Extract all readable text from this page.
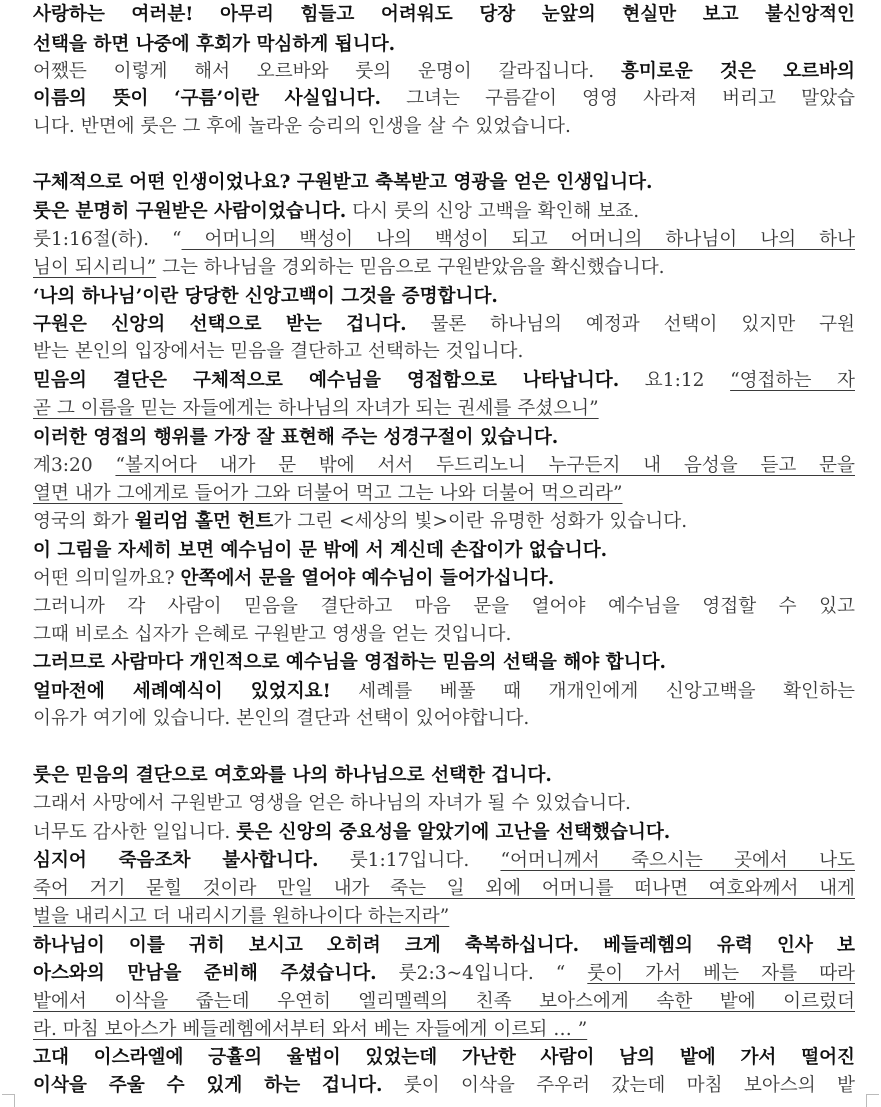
사랑하는 여러분! 아무리 힘들고 어려워도 당장 눈앞의 현실만 보고 불신앙적인
선택을 하면 나중에 후회가 막심하게 됩니다.
어쨌든 이렇게 해서 오르바와 룻의 운명이 갈라집니다. 흥미로운 것은 오르바의
이름의 뜻이 ‘구름’이란 사실입니다. 그녀는 구름같이 영영 사라져 버리고 말았습
니다. 반면에 룻은 그 후에 놀라운 승리의 인생을 살 수 있었습니다.
구체적으로 어떤 인생이었나요? 구원받고 축복받고 영광을 얻은 인생입니다.
룻은 분명히 구원받은 사람이었습니다. 다시 룻의 신앙 고백을 확인해 보죠.
룻1:16절(하). “ 어머니의 백성이 나의 백성이 되고 어머니의 하나님이 나의 하나
님이 되시리니” 그는 하나님을 경외하는 믿음으로 구원받았음을 확신했습니다.
‘나의 하나님’이란 당당한 신앙고백이 그것을 증명합니다.
구원은 신앙의 선택으로 받는 겁니다. 물론 하나님의 예정과 선택이 있지만 구원
받는 본인의 입장에서는 믿음을 결단하고 선택하는 것입니다.
믿음의 결단은 구체적으로 예수님을 영접함으로 나타납니다. 요1:12 “영접하는 자
곧 그 이름을 믿는 자들에게는 하나님의 자녀가 되는 권세를 주셨으니”
이러한 영접의 행위를 가장 잘 표현해 주는 성경구절이 있습니다.
계3:20 “볼지어다 내가 문 밖에 서서 두드리노니 누구든지 내 음성을 듣고 문을
열면 내가 그에게로 들어가 그와 더불어 먹고 그는 나와 더불어 먹으리라”
영국의 화가 윌리엄 홀먼 헌트가 그린 <세상의 빛>이란 유명한 성화가 있습니다.
이 그림을 자세히 보면 예수님이 문 밖에 서 계신데 손잡이가 없습니다.
어떤 의미일까요? 안쪽에서 문을 열어야 예수님이 들어가십니다.
그러니까 각 사람이 믿음을 결단하고 마음 문을 열어야 예수님을 영접할 수 있고
그때 비로소 십자가 은혜로 구원받고 영생을 얻는 것입니다.
그러므로 사람마다 개인적으로 예수님을 영접하는 믿음의 선택을 해야 합니다.
얼마전에 세례예식이 있었지요! 세례를 베풀 때 개개인에게 신앙고백을 확인하는
이유가 여기에 있습니다. 본인의 결단과 선택이 있어야합니다.
룻은 믿음의 결단으로 여호와를 나의 하나님으로 선택한 겁니다.
그래서 사망에서 구원받고 영생을 얻은 하나님의 자녀가 될 수 있었습니다.
너무도 감사한 일입니다. 룻은 신앙의 중요성을 알았기에 고난을 선택했습니다.
심지어 죽음조차 불사합니다. 룻1:17입니다. “어머니께서 죽으시는 곳에서 나도
죽어 거기 묻힐 것이라 만일 내가 죽는 일 외에 어머니를 떠나면 여호와께서 내게
벌을 내리시고 더 내리시기를 원하나이다 하는지라”
하나님이 이를 귀히 보시고 오히려 크게 축복하십니다. 베들레헴의 유력 인사 보
아스와의 만남을 준비해 주셨습니다. 룻2:3~4입니다. “ 룻이 가서 베는 자를 따라
밭에서 이삭을 줍는데 우연히 엘리멜렉의 친족 보아스에게 속한 밭에 이르렀더
라. 마침 보아스가 베들레헴에서부터 와서 베는 자들에게 이르되 … ”
고대 이스라엘에 긍휼의 율법이 있었는데 가난한 사람이 남의 밭에 가서 떨어진
이삭을 주울 수 있게 하는 겁니다. 룻이 이삭을 주우러 갔는데 마침 보아스의 밭
